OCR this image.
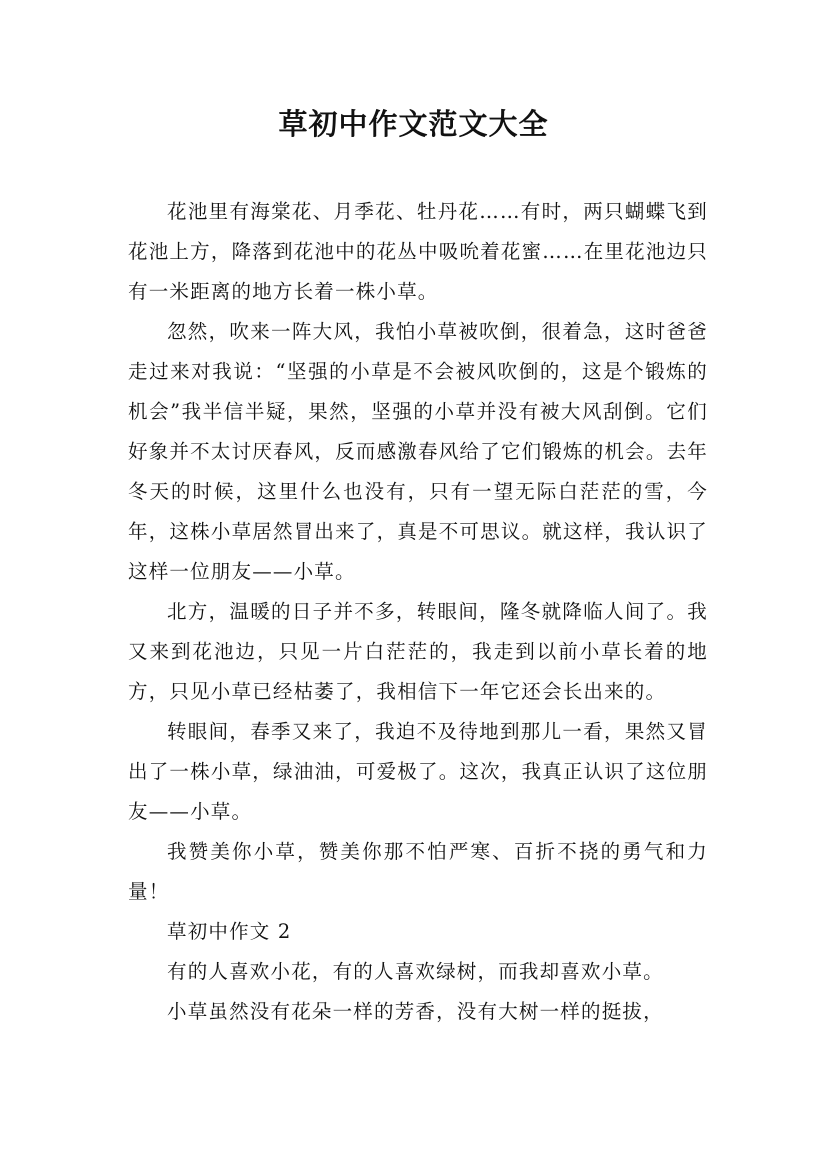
草初中作文范文大全

花池里有海棠花、月季花、牡丹花……有时，两只蝴蝶飞到花池上方，降落到花池中的花丛中吸吮着花蜜……在里花池边只有一米距离的地方长着一株小草。

忽然，吹来一阵大风，我怕小草被吹倒，很着急，这时爸爸走过来对我说：“坚强的小草是不会被风吹倒的，这是个锻炼的机会”我半信半疑，果然，坚强的小草并没有被大风刮倒。它们好象并不太讨厌春风，反而感激春风给了它们锻炼的机会。去年冬天的时候，这里什么也没有，只有一望无际白茫茫的雪，今年，这株小草居然冒出来了，真是不可思议。就这样，我认识了这样一位朋友——小草。

北方，温暖的日子并不多，转眼间，隆冬就降临人间了。我又来到花池边，只见一片白茫茫的，我走到以前小草长着的地方，只见小草已经枯萎了，我相信下一年它还会长出来的。

转眼间，春季又来了，我迫不及待地到那儿一看，果然又冒出了一株小草，绿油油，可爱极了。这次，我真正认识了这位朋友——小草。

我赞美你小草，赞美你那不怕严寒、百折不挠的勇气和力量！

草初中作文 2

有的人喜欢小花，有的人喜欢绿树，而我却喜欢小草。

小草虽然没有花朵一样的芳香，没有大树一样的挺拔，
